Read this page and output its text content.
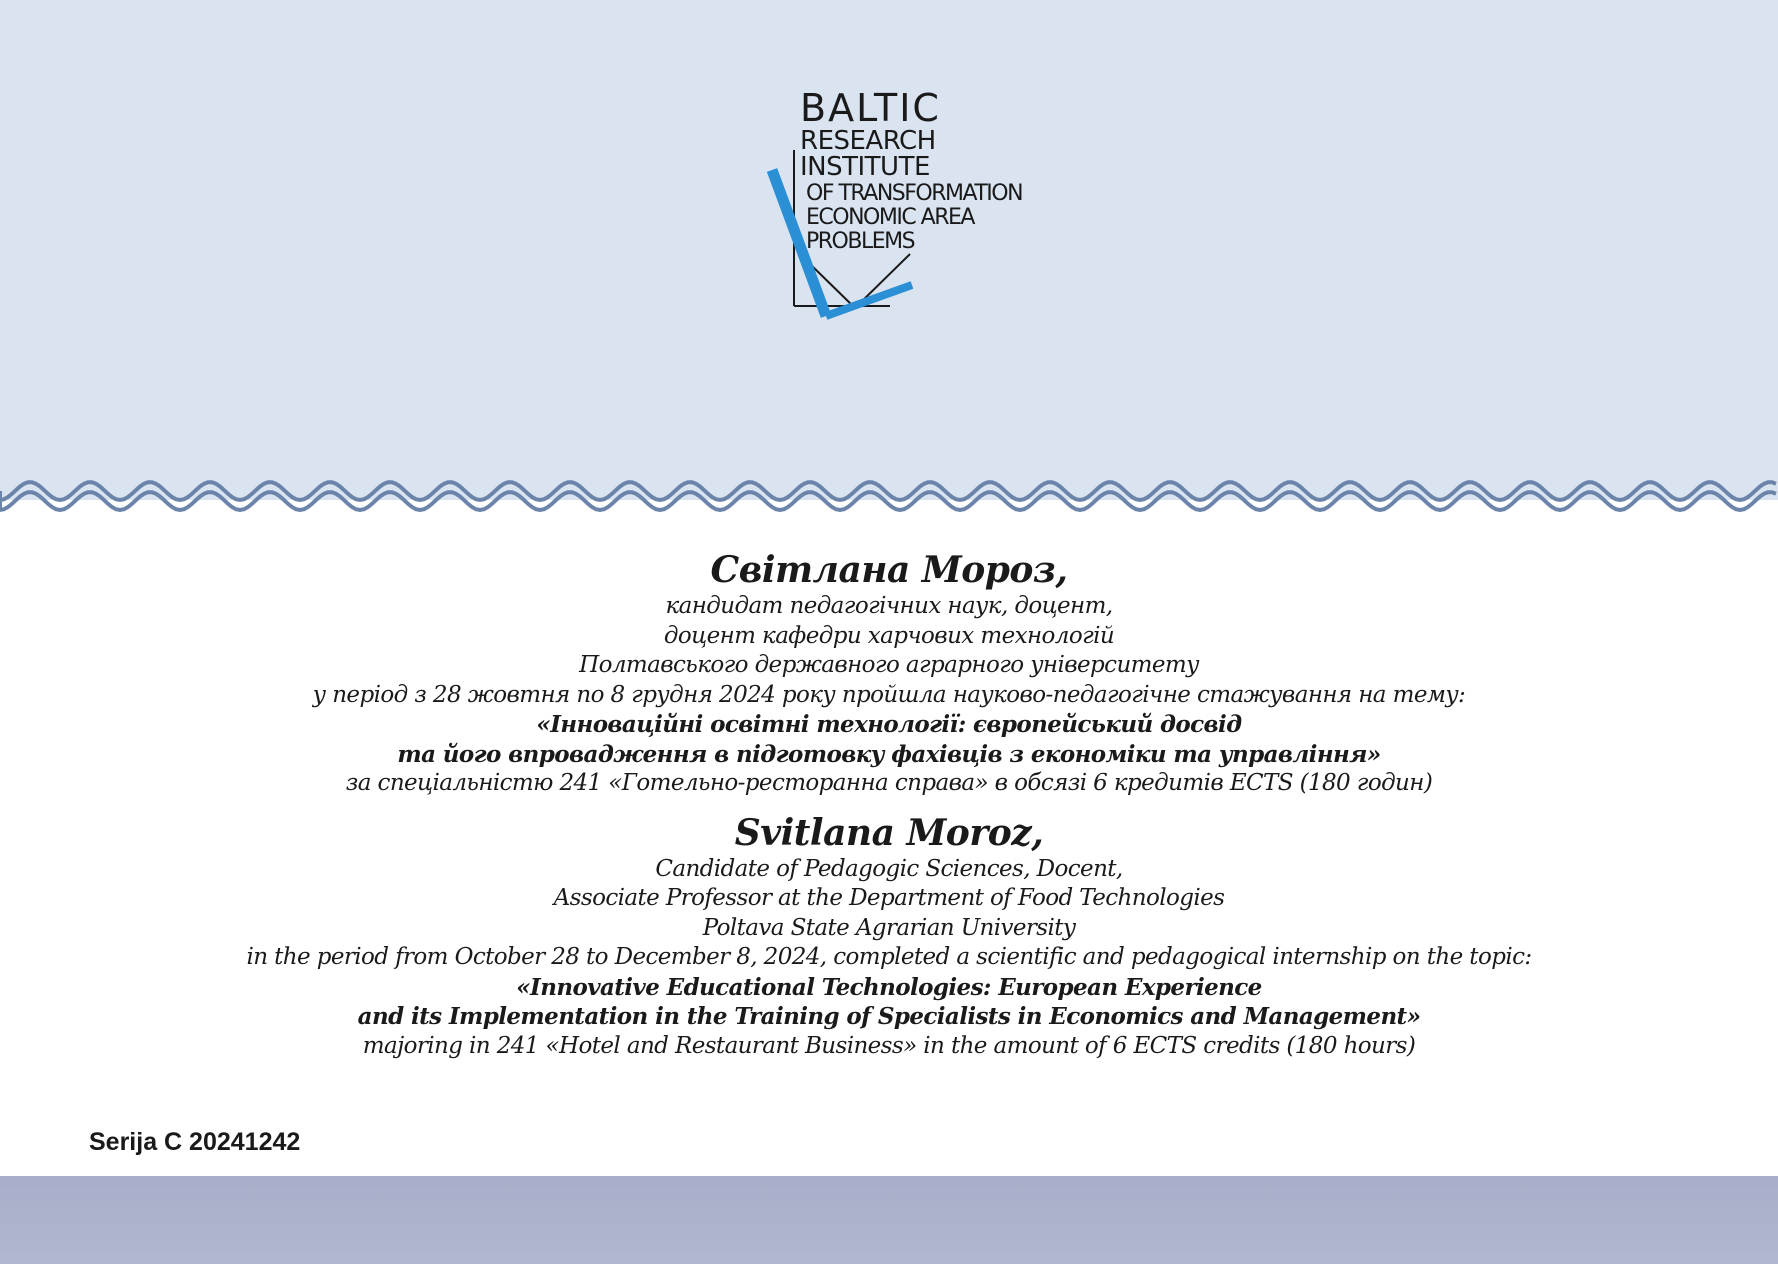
BALTIC
RESEARCH
INSTITUTE
OF TRANSFORMATION
ECONOMIC AREA
PROBLEMS
Світлана Мороз,
кандидат педагогічних наук, доцент,
доцент кафедри харчових технологій
Полтавського державного аграрного університету
у період з 28 жовтня по 8 грудня 2024 року пройшла науково-педагогічне стажування на тему:
«Інноваційні освітні технології: європейський досвід
та його впровадження в підготовку фахівців з економіки та управління»
за спеціальністю 241 «Готельно-ресторанна справа» в обсязі 6 кредитів ECTS (180 годин)
Svitlana Moroz,
Candidate of Pedagogic Sciences, Docent,
Associate Professor at the Department of Food Technologies
Poltava State Agrarian University
in the period from October 28 to December 8, 2024, completed a scientific and pedagogical internship on the topic:
«Innovative Educational Technologies: European Experience
and its Implementation in the Training of Specialists in Economics and Management»
majoring in 241 «Hotel and Restaurant Business» in the amount of 6 ECTS credits (180 hours)
Serija C 20241242
